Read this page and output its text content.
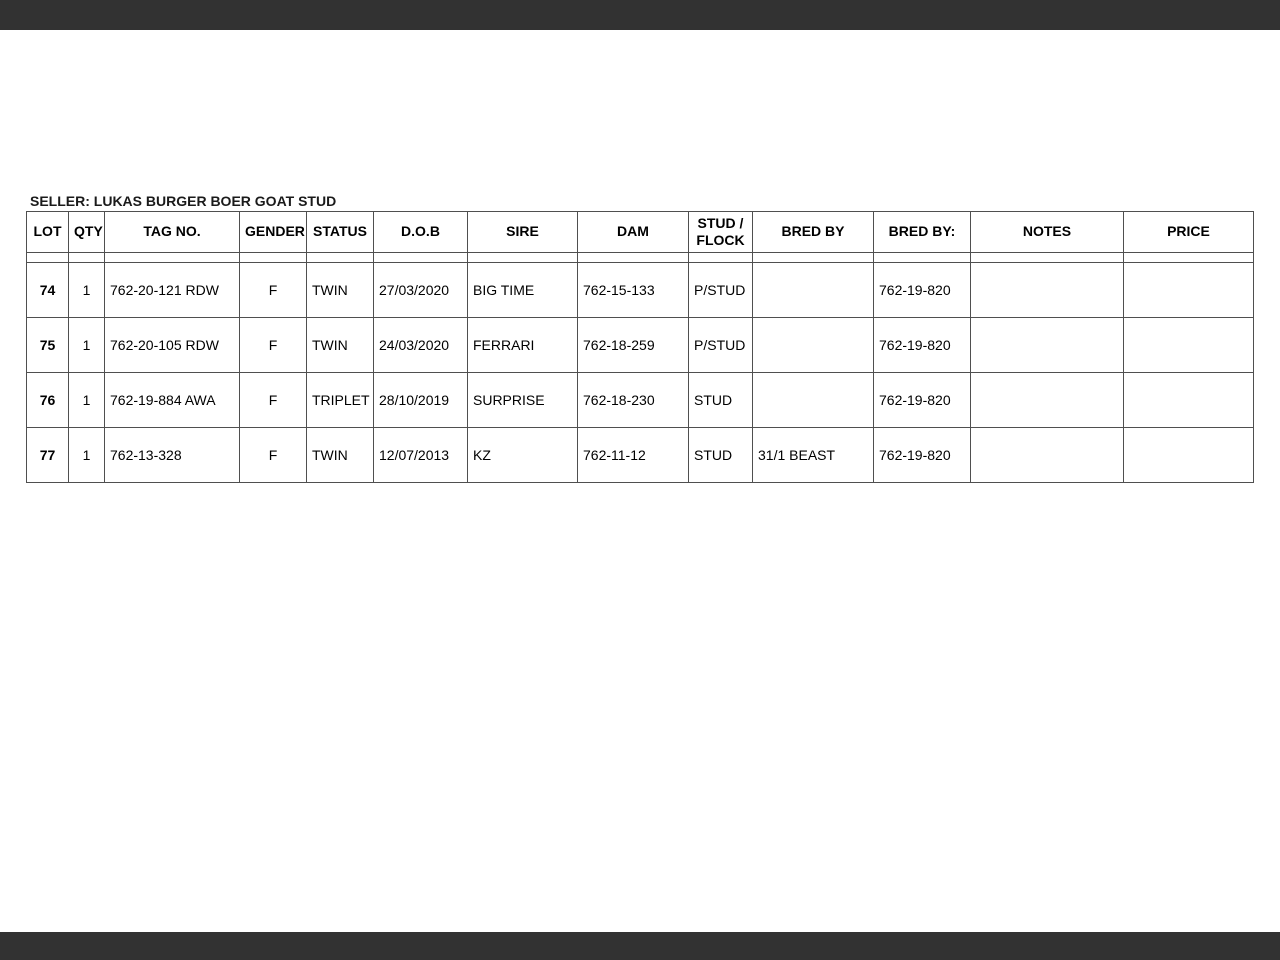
SELLER: LUKAS BURGER BOER GOAT STUD
LOT	QTY	TAG NO.	GENDER	STATUS	D.O.B	SIRE	DAM	STUD / FLOCK	BRED BY	BRED BY:	NOTES	PRICE

74	1	762-20-121 RDW	F	TWIN	27/03/2020	BIG TIME	762-15-133	P/STUD		762-19-820		
75	1	762-20-105 RDW	F	TWIN	24/03/2020	FERRARI	762-18-259	P/STUD		762-19-820		
76	1	762-19-884 AWA	F	TRIPLET	28/10/2019	SURPRISE	762-18-230	STUD		762-19-820		
77	1	762-13-328	F	TWIN	12/07/2013	KZ	762-11-12	STUD	31/1 BEAST	762-19-820		
